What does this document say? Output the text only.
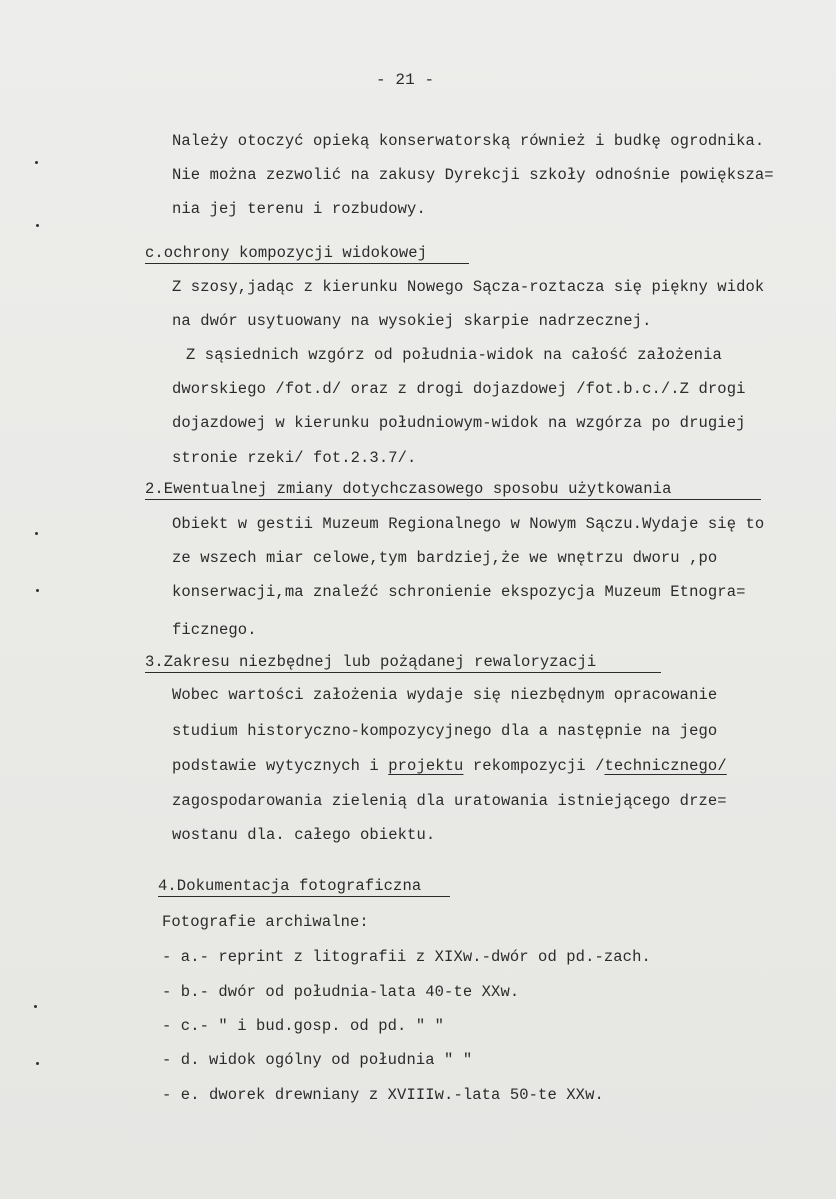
- 21 -
Należy otoczyć opieką konserwatorską również i budkę ogrodnika.
Nie można zezwolić na zakusy Dyrekcji szkoły odnośnie powiększa=
nia jej terenu i rozbudowy.
c.ochrony kompozycji widokowej
Z szosy,jadąc z kierunku Nowego Sącza-roztacza się piękny widok
na dwór usytuowany na wysokiej skarpie nadrzecznej.
Z sąsiednich wzgórz od południa-widok na całość założenia
dworskiego /fot.d/ oraz z drogi dojazdowej /fot.b.c./.Z drogi
dojazdowej w kierunku południowym-widok na wzgórza po drugiej
stronie rzeki/ fot.2.3.7/.
2.Ewentualnej zmiany dotychczasowego sposobu użytkowania
Obiekt w gestii Muzeum Regionalnego w Nowym Sączu.Wydaje się to
ze wszech miar celowe,tym bardziej,że we wnętrzu dworu ,po
konserwacji,ma znaleźć schronienie ekspozycja Muzeum Etnogra=
ficznego.
3.Zakresu niezbędnej lub pożądanej rewaloryzacji
Wobec wartości założenia wydaje się niezbędnym opracowanie
studium historyczno-kompozycyjnego dla a następnie na jego
podstawie wytycznych i projektu rekompozycji /technicznego/
zagospodarowania zielenią dla uratowania istniejącego drze=
wostanu dla. całego obiektu.
4.Dokumentacja fotograficzna
Fotografie archiwalne:
- a.- reprint z litografii z XIXw.-dwór od pd.-zach.
- b.- dwór od południa-lata 40-te XXw.
- c.- " i bud.gosp. od pd. " "
- d. widok ogólny od południa " "
- e. dworek drewniany z XVIIIw.-lata 50-te XXw.
